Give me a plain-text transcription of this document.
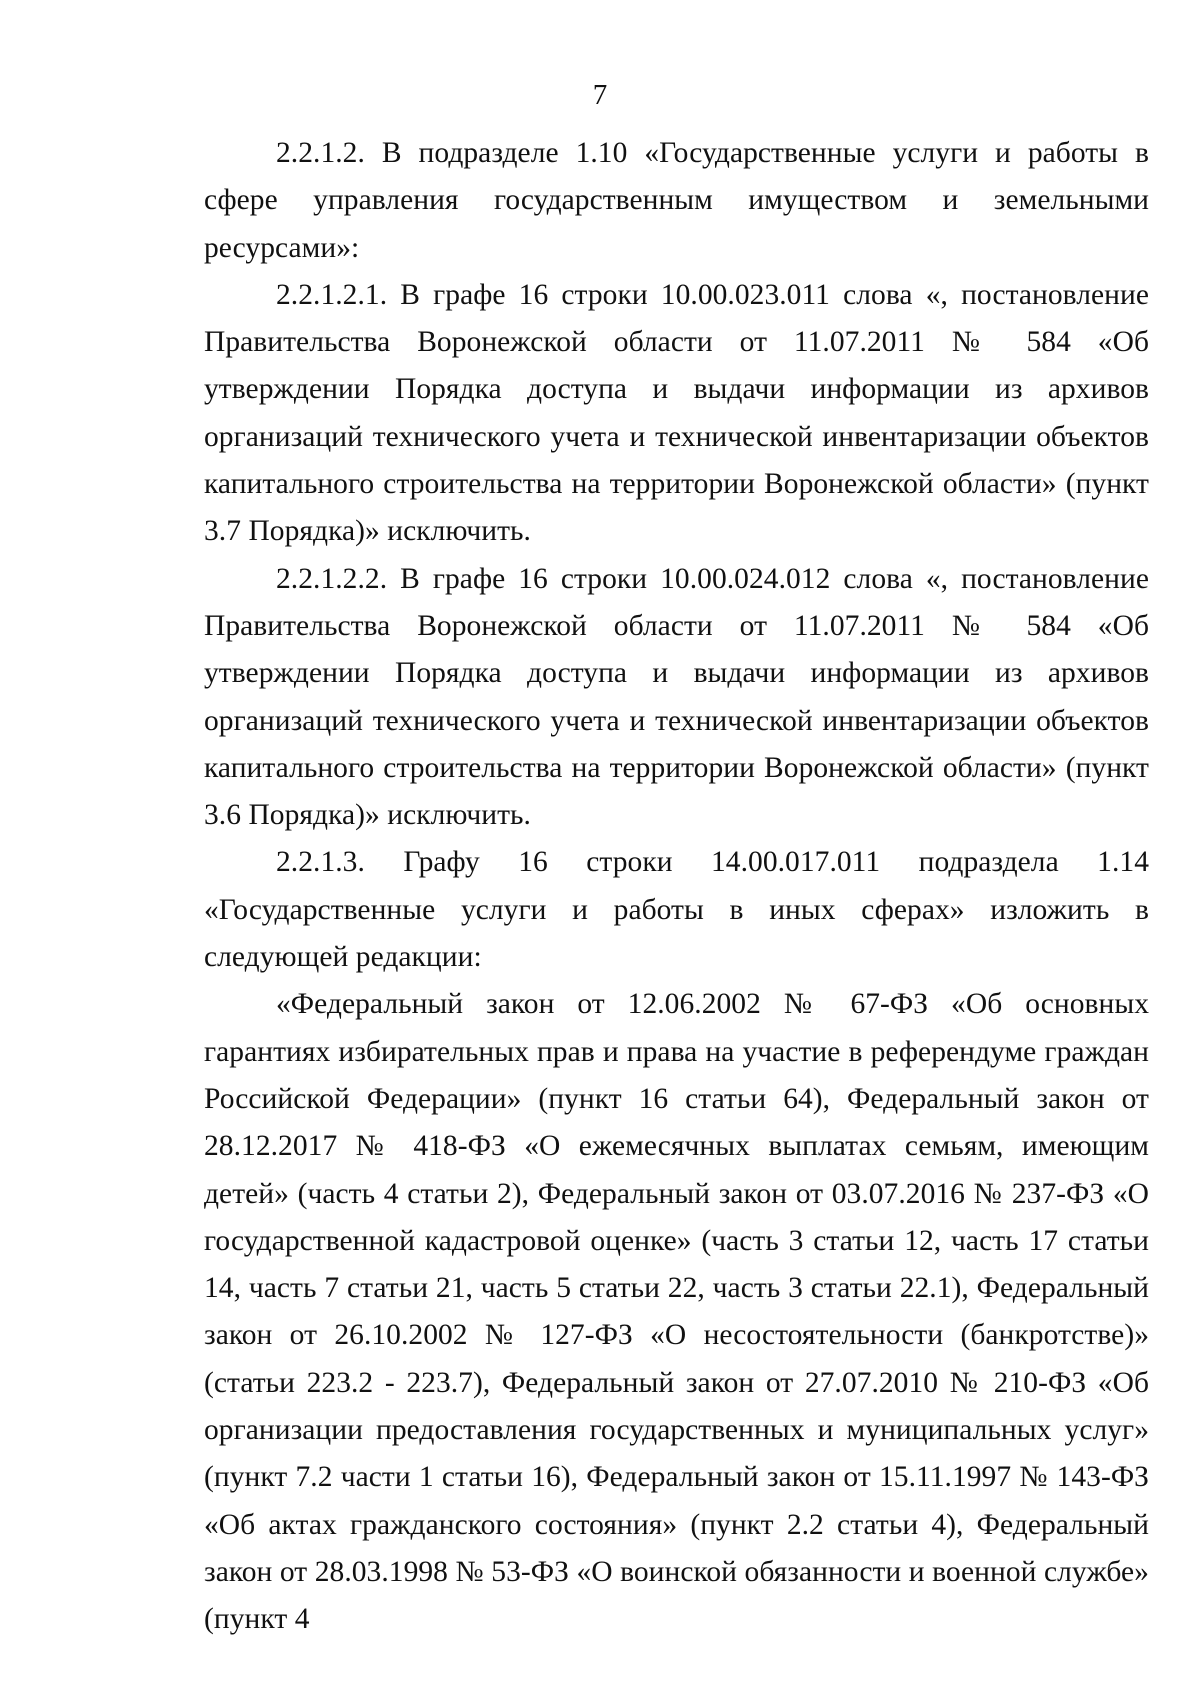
7

2.2.1.2. В подразделе 1.10 «Государственные услуги и работы в сфере управления государственным имуществом и земельными ресурсами»:

2.2.1.2.1. В графе 16 строки 10.00.023.011 слова «, постановление Правительства Воронежской области от 11.07.2011 № 584 «Об утверждении Порядка доступа и выдачи информации из архивов организаций технического учета и технической инвентаризации объектов капитального строительства на территории Воронежской области» (пункт 3.7 Порядка)» исключить.

2.2.1.2.2. В графе 16 строки 10.00.024.012 слова «, постановление Правительства Воронежской области от 11.07.2011 № 584 «Об утверждении Порядка доступа и выдачи информации из архивов организаций технического учета и технической инвентаризации объектов капитального строительства на территории Воронежской области» (пункт 3.6 Порядка)» исключить.

2.2.1.3. Графу 16 строки 14.00.017.011 подраздела 1.14 «Государственные услуги и работы в иных сферах» изложить в следующей редакции:

«Федеральный закон от 12.06.2002 № 67-ФЗ «Об основных гарантиях избирательных прав и права на участие в референдуме граждан Российской Федерации» (пункт 16 статьи 64), Федеральный закон от 28.12.2017 № 418-ФЗ «О ежемесячных выплатах семьям, имеющим детей» (часть 4 статьи 2), Федеральный закон от 03.07.2016 № 237-ФЗ «О государственной кадастровой оценке» (часть 3 статьи 12, часть 17 статьи 14, часть 7 статьи 21, часть 5 статьи 22, часть 3 статьи 22.1), Федеральный закон от 26.10.2002 № 127-ФЗ «О несостоятельности (банкротстве)» (статьи 223.2 - 223.7), Федеральный закон от 27.07.2010 № 210-ФЗ «Об организации предоставления государственных и муниципальных услуг» (пункт 7.2 части 1 статьи 16), Федеральный закон от 15.11.1997 № 143-ФЗ «Об актах гражданского состояния» (пункт 2.2 статьи 4), Федеральный закон от 28.03.1998 № 53-ФЗ «О воинской обязанности и военной службе» (пункт 4
